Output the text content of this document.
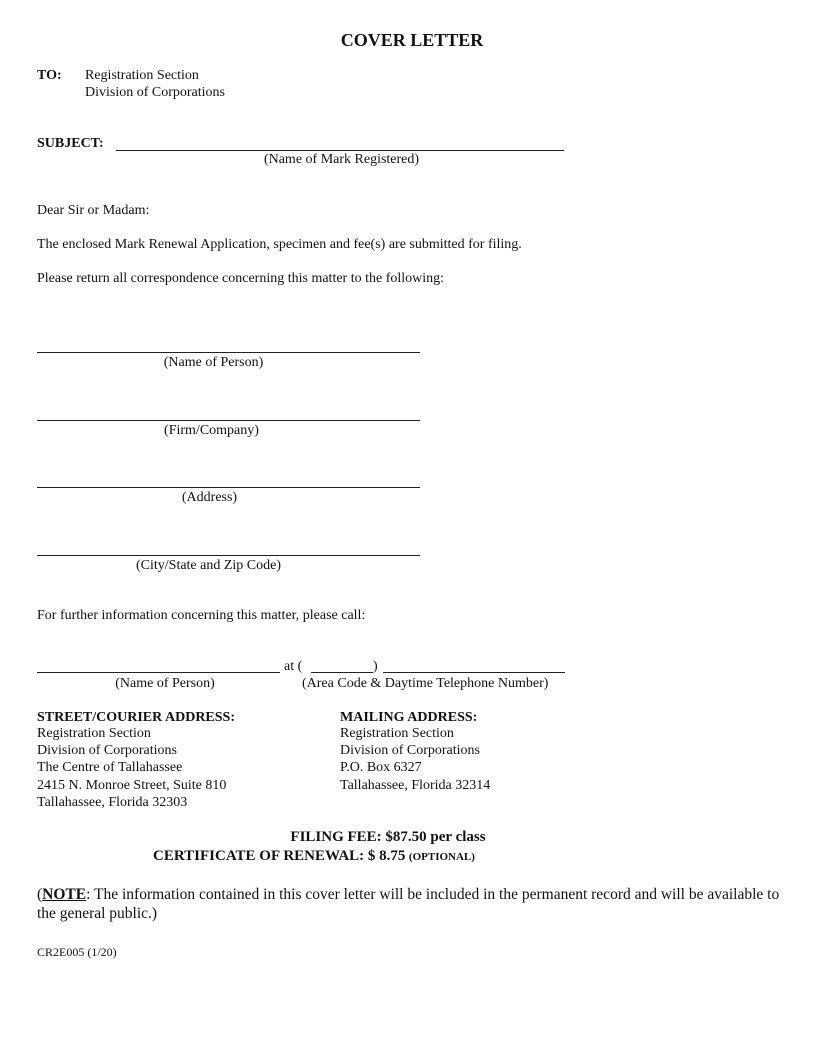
COVER LETTER
TO: Registration Section
Division of Corporations
SUBJECT:
(Name of Mark Registered)
Dear Sir or Madam:
The enclosed Mark Renewal Application, specimen and fee(s) are submitted for filing.
Please return all correspondence concerning this matter to the following:
(Name of Person)
(Firm/Company)
(Address)
(City/State and Zip Code)
For further information concerning this matter, please call:
at (	)
(Name of Person)	(Area Code & Daytime Telephone Number)
STREET/COURIER ADDRESS:
Registration Section
Division of Corporations
The Centre of Tallahassee
2415 N. Monroe Street, Suite 810
Tallahassee, Florida 32303
MAILING ADDRESS:
Registration Section
Division of Corporations
P.O. Box 6327
Tallahassee, Florida 32314
FILING FEE: $87.50 per class
CERTIFICATE OF RENEWAL: $ 8.75 (OPTIONAL)
(NOTE: The information contained in this cover letter will be included in the permanent record and will be available to the general public.)
CR2E005 (1/20)
